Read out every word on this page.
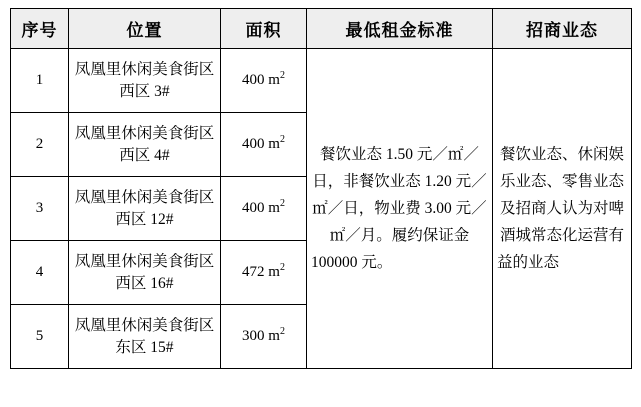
序号	位置	面积	最低租金标准	招商业态
1	凤凰里休闲美食街区西区 3#	400 $m^2$	餐饮业态 1.50 元／㎡／日，非餐饮业态 1.20 元／㎡／日，物业费 3.00 元／㎡／月。履约保证金 100000 元。	餐饮业态、休闲娱乐业态、零售业态及招商人认为对啤酒城常态化运营有益的业态
2	凤凰里休闲美食街区西区 4#	400 $m^2$
3	凤凰里休闲美食街区西区 12#	400 $m^2$
4	凤凰里休闲美食街区西区 16#	472 $m^2$
5	凤凰里休闲美食街区东区 15#	300 $m^2$
